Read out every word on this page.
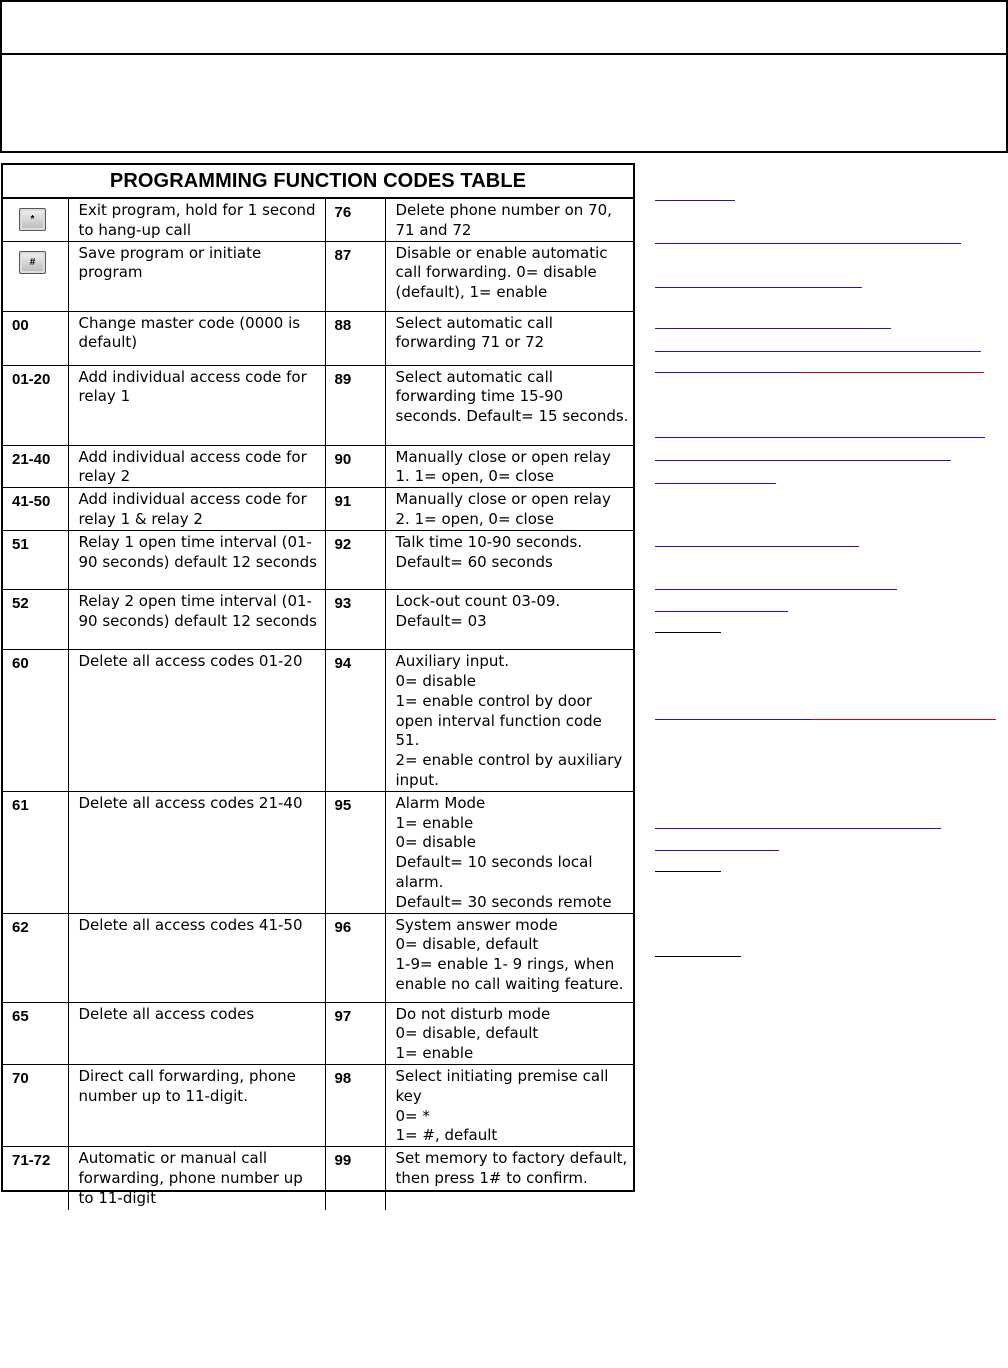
PROGRAMMING FUNCTION CODES TABLE
*	Exit program, hold for 1 second to hang-up call	76	Delete phone number on 70, 71 and 72
#	Save program or initiate program	87	Disable or enable automatic call forwarding. 0= disable (default), 1= enable
00	Change master code (0000 is default)	88	Select automatic call forwarding 71 or 72
01-20	Add individual access code for relay 1	89	Select automatic call forwarding time 15-90 seconds. Default= 15 seconds.
21-40	Add individual access code for relay 2	90	Manually close or open relay 1. 1= open, 0= close
41-50	Add individual access code for relay 1 & relay 2	91	Manually close or open relay 2. 1= open, 0= close
51	Relay 1 open time interval (01-90 seconds) default 12 seconds	92	Talk time 10-90 seconds. Default= 60 seconds
52	Relay 2 open time interval (01-90 seconds) default 12 seconds	93	Lock-out count 03-09. Default= 03
60	Delete all access codes 01-20	94	Auxiliary input.
0= disable
1= enable control by door open interval function code 51.
2= enable control by auxiliary input.
61	Delete all access codes 21-40	95	Alarm Mode
1= enable
0= disable
Default= 10 seconds local alarm.
Default= 30 seconds remote
62	Delete all access codes 41-50	96	System answer mode
0= disable, default
1-9= enable 1- 9 rings, when enable no call waiting feature.
65	Delete all access codes	97	Do not disturb mode
0= disable, default
1= enable
70	Direct call forwarding, phone number up to 11-digit.	98	Select initiating premise call key
0= *
1= #, default
71-72	Automatic or manual call forwarding, phone number up to 11-digit	99	Set memory to factory default, then press 1# to confirm.
